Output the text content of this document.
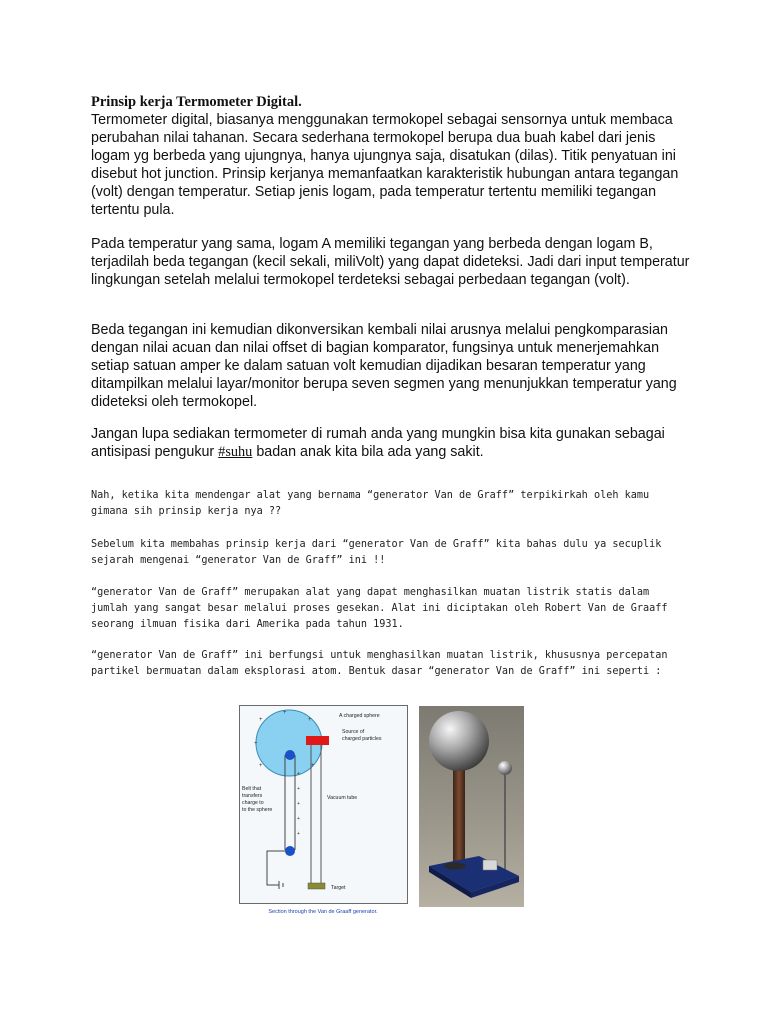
Prinsip kerja Termometer Digital.

Termometer digital, biasanya menggunakan termokopel sebagai sensornya untuk membaca perubahan nilai tahanan. Secara sederhana termokopel berupa dua buah kabel dari jenis logam yg berbeda yang ujungnya, hanya ujungnya saja, disatukan (dilas). Titik penyatuan ini disebut hot junction. Prinsip kerjanya memanfaatkan karakteristik hubungan antara tegangan (volt) dengan temperatur. Setiap jenis logam, pada temperatur tertentu memiliki tegangan tertentu pula.

Pada temperatur yang sama, logam A memiliki tegangan yang berbeda dengan logam B, terjadilah beda tegangan (kecil sekali, miliVolt) yang dapat dideteksi. Jadi dari input temperatur lingkungan setelah melalui termokopel terdeteksi sebagai perbedaan tegangan (volt).

Beda tegangan ini kemudian dikonversikan kembali nilai arusnya melalui pengkomparasian dengan nilai acuan dan nilai offset di bagian komparator, fungsinya untuk menerjemahkan setiap satuan amper ke dalam satuan volt kemudian dijadikan besaran temperatur yang ditampilkan melalui layar/monitor berupa seven segmen yang menunjukkan temperatur yang dideteksi oleh termokopel.

Jangan lupa sediakan termometer di rumah anda yang mungkin bisa kita gunakan sebagai antisipasi pengukur #suhu badan anak kita bila ada yang sakit.

Nah, ketika kita mendengar alat yang bernama “generator Van de Graff” terpikirkah oleh kamu gimana sih prinsip kerja nya ??

Sebelum kita membahas prinsip kerja dari “generator Van de Graff” kita bahas dulu ya secuplik sejarah mengenai “generator Van de Graff” ini !!

“generator Van de Graff” merupakan alat yang dapat menghasilkan muatan listrik statis dalam jumlah yang sangat besar melalui proses gesekan. Alat ini diciptakan oleh Robert Van de Graaff seorang ilmuan fisika dari Amerika pada tahun 1931.

“generator Van de Graff” ini berfungsi untuk menghasilkan muatan listrik, khususnya percepatan partikel bermuatan dalam eksplorasi atom. Bentuk dasar “generator Van de Graff” ini seperti :

+
+
+
+
+	+
+
+
+
+
+
A charged sphere
Source of
charged particles
Belt that
transfers
charge to
to the sphere
Vacuum tube
Target
Section through the Van de Graaff generator.
